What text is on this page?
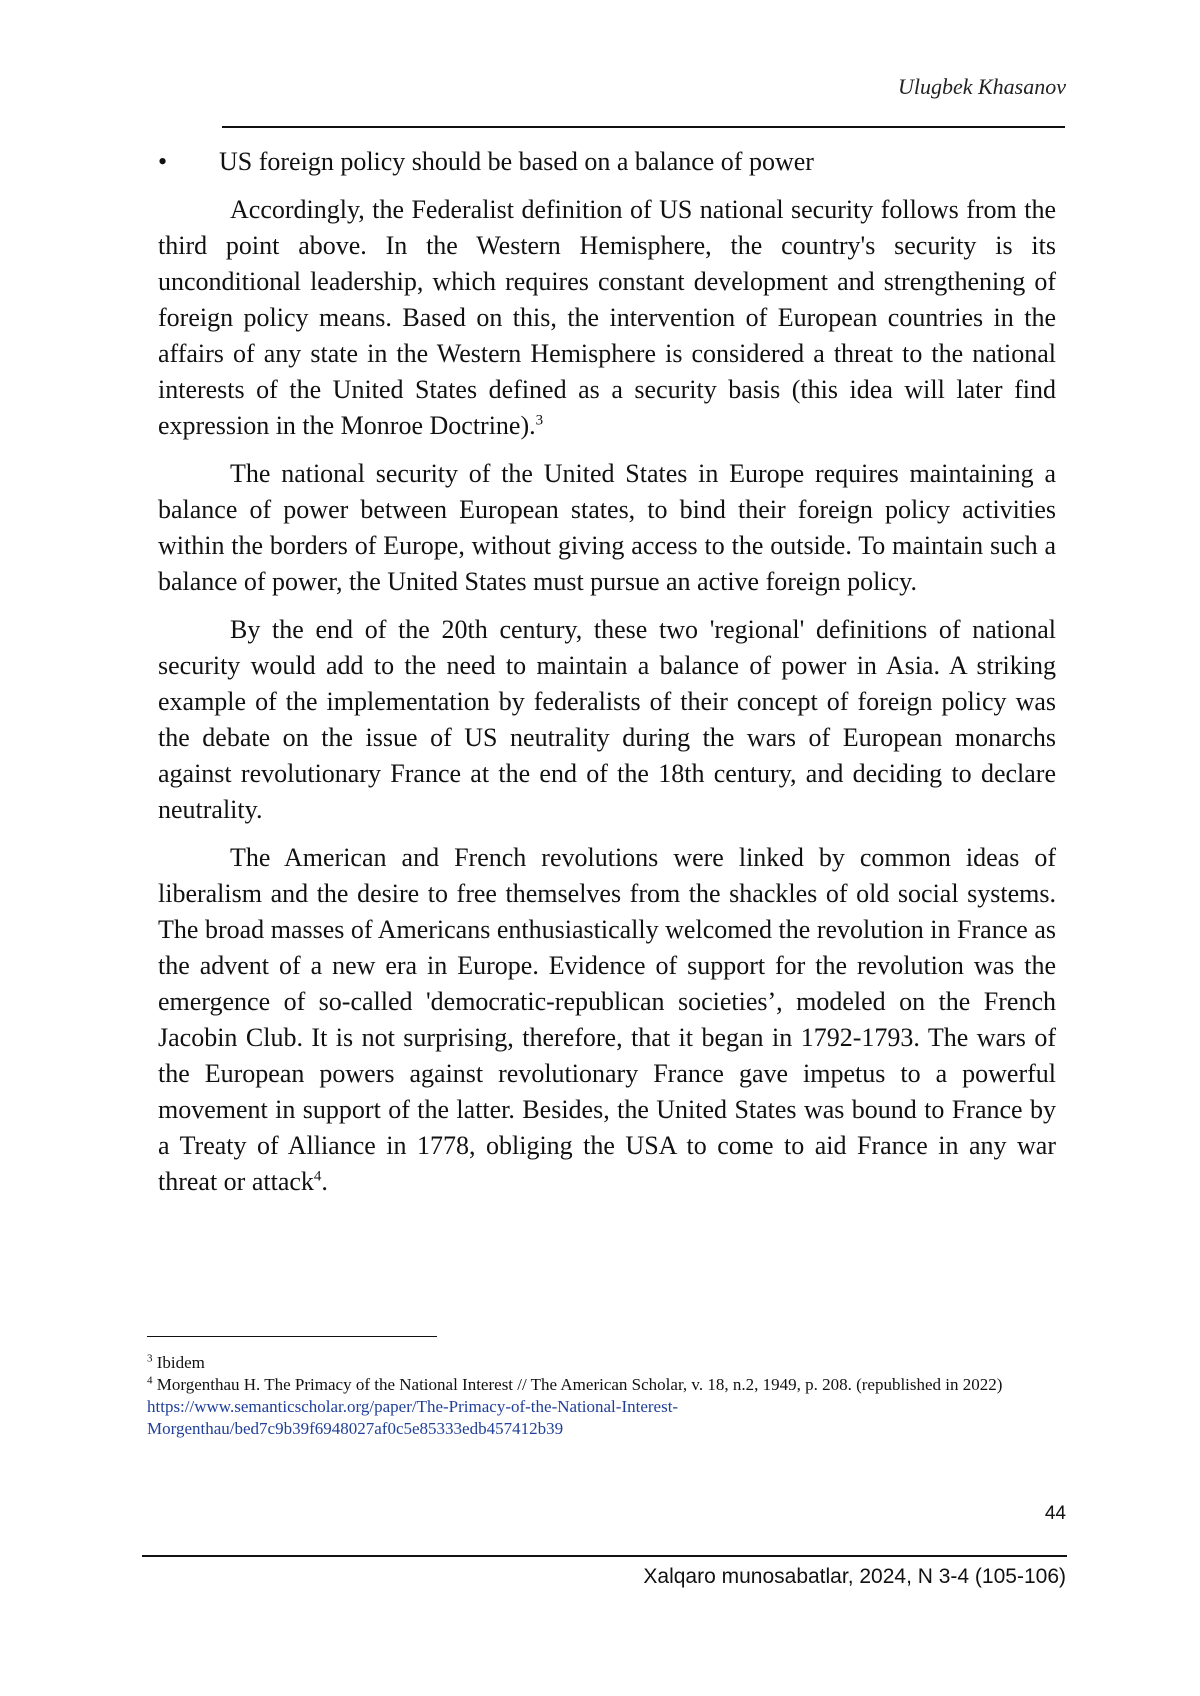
Ulugbek Khasanov
•	US foreign policy should be based on a balance of power

Accordingly, the Federalist definition of US national security follows from the third point above. In the Western Hemisphere, the country's security is its unconditional leadership, which requires constant development and strengthening of foreign policy means. Based on this, the intervention of European countries in the affairs of any state in the Western Hemisphere is considered a threat to the national interests of the United States defined as a security basis (this idea will later find expression in the Monroe Doctrine).$^3$

The national security of the United States in Europe requires maintaining a balance of power between European states, to bind their foreign policy activities within the borders of Europe, without giving access to the outside. To maintain such a balance of power, the United States must pursue an active foreign policy.

By the end of the 20th century, these two 'regional' definitions of national security would add to the need to maintain a balance of power in Asia. A striking example of the implementation by federalists of their concept of foreign policy was the debate on the issue of US neutrality during the wars of European monarchs against revolutionary France at the end of the 18th century, and deciding to declare neutrality.

The American and French revolutions were linked by common ideas of liberalism and the desire to free themselves from the shackles of old social systems. The broad masses of Americans enthusiastically welcomed the revolution in France as the advent of a new era in Europe. Evidence of support for the revolution was the emergence of so-called 'democratic-republican societies’, modeled on the French Jacobin Club. It is not surprising, therefore, that it began in 1792-1793. The wars of the European powers against revolutionary France gave impetus to a powerful movement in support of the latter. Besides, the United States was bound to France by a Treaty of Alliance in 1778, obliging the USA to come to aid France in any war threat or attack$^4$.

$^3$ Ibidem
$^4$ Morgenthau H. The Primacy of the National Interest // The American Scholar, v. 18, n.2, 1949, p. 208. (republished in 2022)
https://www.semanticscholar.org/paper/The-Primacy-of-the-National-Interest-Morgenthau/bed7c9b39f6948027af0c5e85333edb457412b39
44
Xalqaro munosabatlar, 2024, N 3-4 (105-106)
